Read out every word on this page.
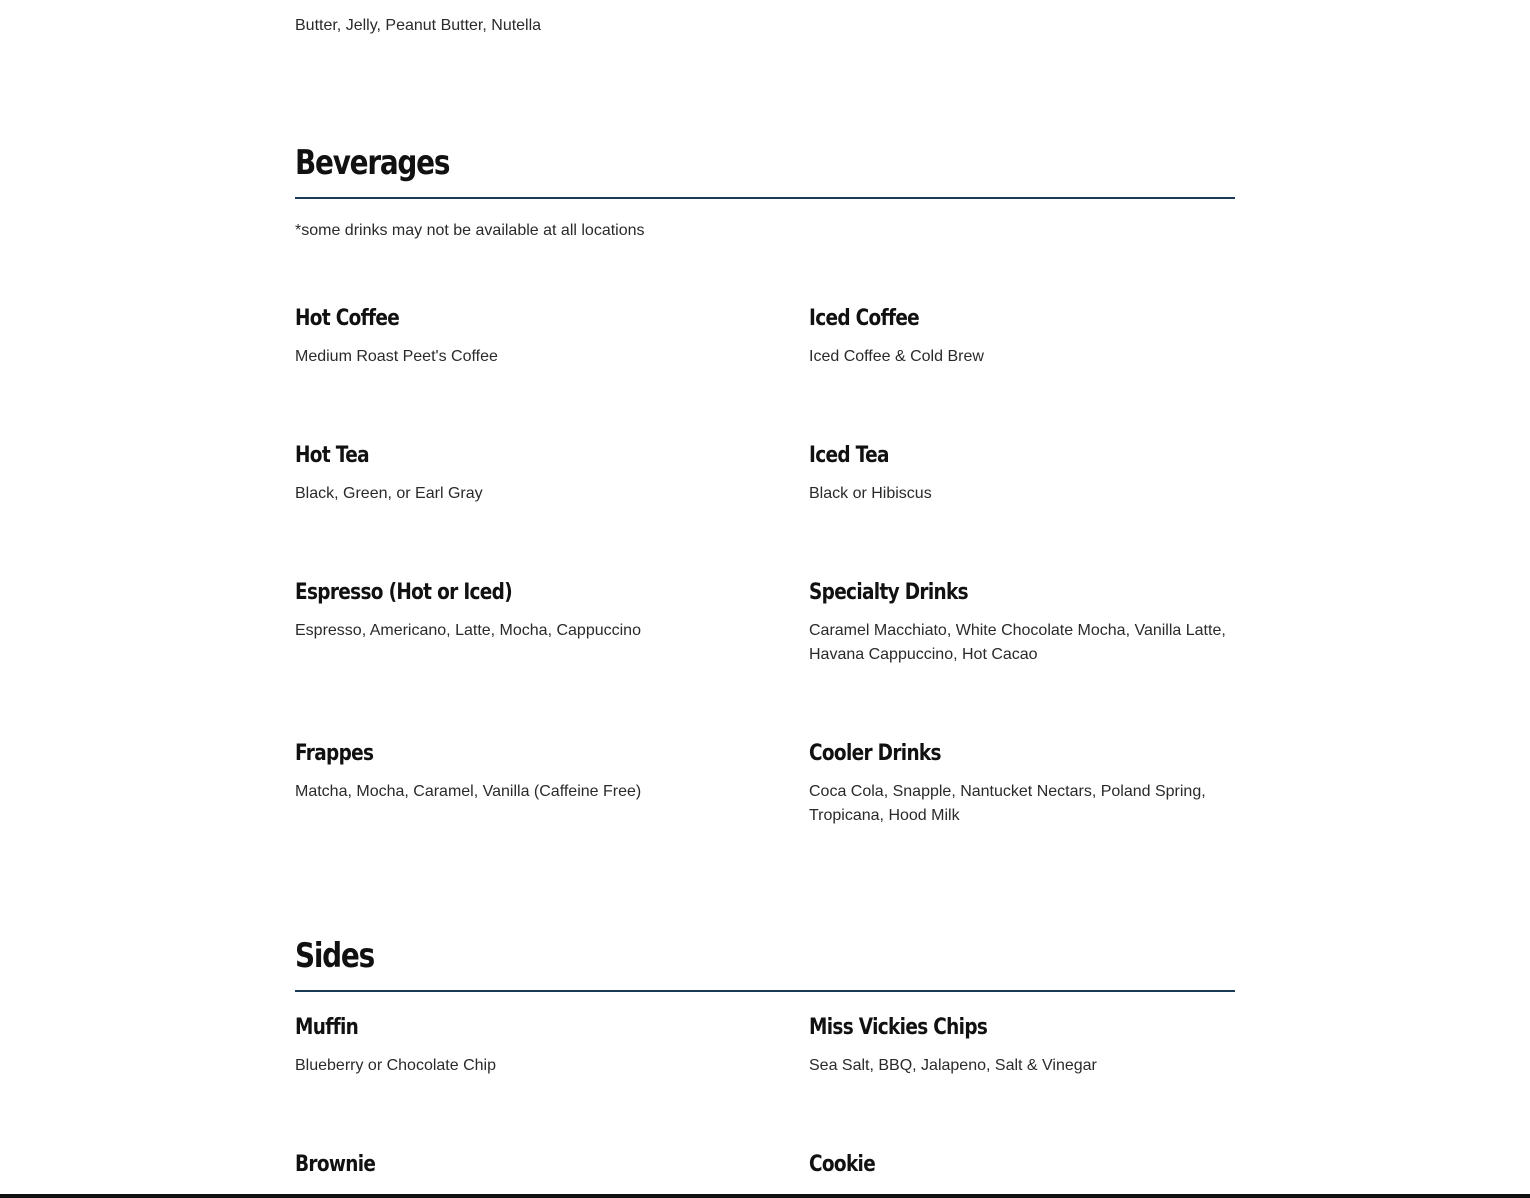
Butter, Jelly, Peanut Butter, Nutella
Beverages
*some drinks may not be available at all locations
Hot Coffee

Medium Roast Peet's Coffee

Iced Coffee

Iced Coffee & Cold Brew

Hot Tea

Black, Green, or Earl Gray

Iced Tea

Black or Hibiscus

Espresso (Hot or Iced)

Espresso, Americano, Latte, Mocha, Cappuccino

Specialty Drinks

Caramel Macchiato, White Chocolate Mocha, Vanilla Latte, Havana Cappuccino, Hot Cacao

Frappes

Matcha, Mocha, Caramel, Vanilla (Caffeine Free)

Cooler Drinks

Coca Cola, Snapple, Nantucket Nectars, Poland Spring, Tropicana, Hood Milk

Sides
Muffin

Blueberry or Chocolate Chip

Miss Vickies Chips

Sea Salt, BBQ, Jalapeno, Salt & Vinegar

Brownie	Cookie
